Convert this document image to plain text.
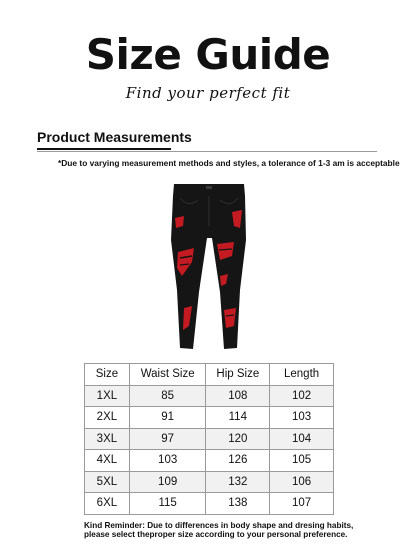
Size Guide
Find your perfect fit
Product Measurements
*Due to varying measurement methods and styles, a tolerance of 1-3 am is acceptable
Size	Waist Size	Hip Size	Length
1XL	85	108	102
2XL	91	114	103
3XL	97	120	104
4XL	103	126	105
5XL	109	132	106
6XL	115	138	107
Kind Reminder: Due to differences in body shape and dresing habits,
please select theproper size according to your personal preference.
